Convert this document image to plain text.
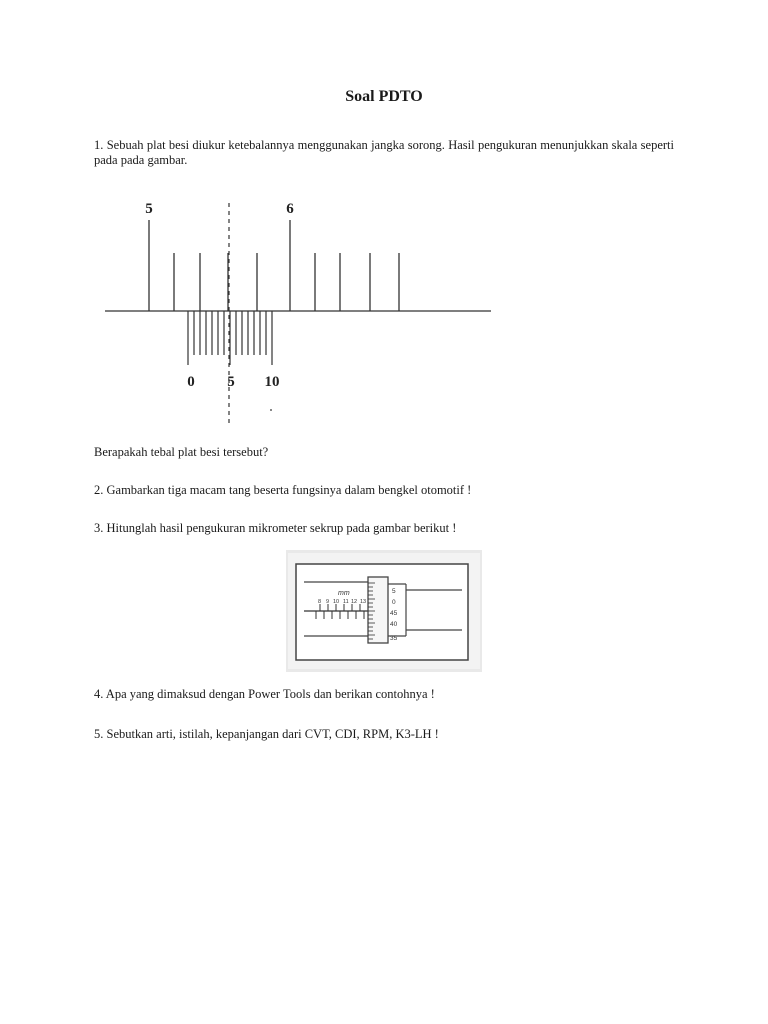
Soal PDTO
1. Sebuah plat besi diukur ketebalannya menggunakan jangka sorong. Hasil pengukuran menunjukkan skala seperti pada pada gambar.
5	6
0 5 10
Berapakah tebal plat besi tersebut?
2. Gambarkan tiga macam tang beserta fungsinya dalam bengkel otomotif !
3. Hitunglah hasil pengukuran mikrometer sekrup pada gambar berikut !
mm
8 9 10 11 12 13
5
0
45
40
35
4. Apa yang dimaksud dengan Power Tools dan berikan contohnya !
5. Sebutkan arti, istilah, kepanjangan dari CVT, CDI, RPM, K3-LH !
